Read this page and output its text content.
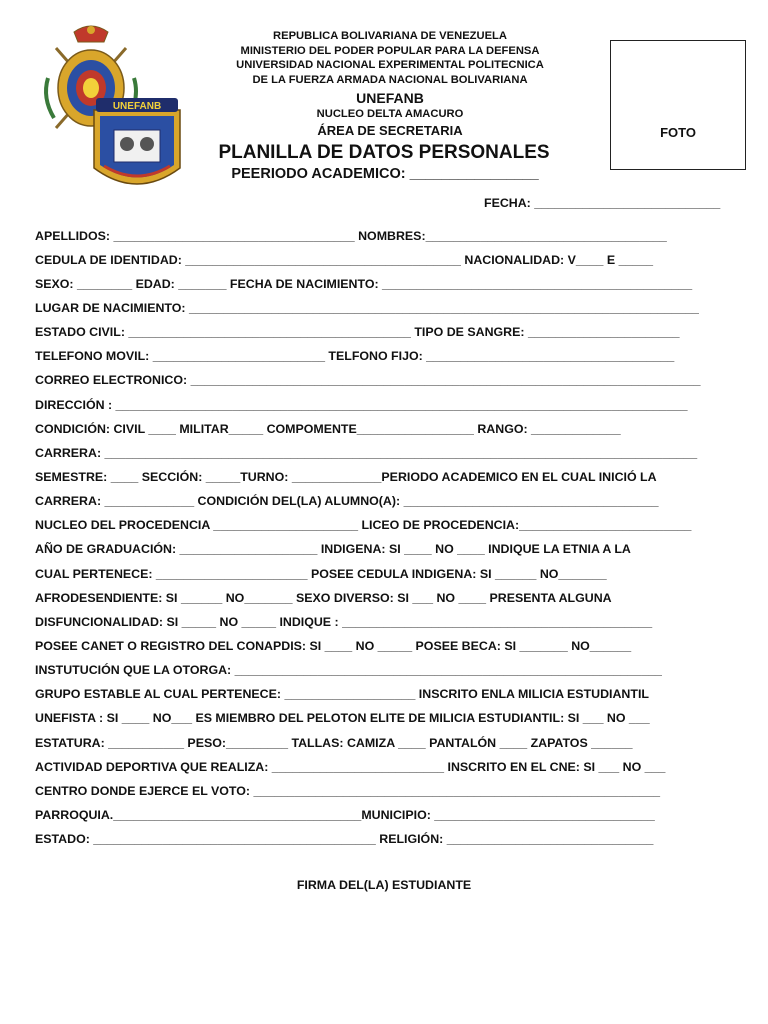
UNEFANB
REPUBLICA BOLIVARIANA DE VENEZUELA
MINISTERIO DEL PODER POPULAR PARA LA DEFENSA
UNIVERSIDAD NACIONAL EXPERIMENTAL POLITECNICA
DE LA FUERZA ARMADA NACIONAL BOLIVARIANA
UNEFANB
NUCLEO DELTA AMACURO
ÁREA DE SECRETARIA
PLANILLA DE DATOS PERSONALES
PEERIODO ACADEMICO: ________________
FOTO
FECHA: ___________________________
APELLIDOS: ___________________________________ NOMBRES:___________________________________
CEDULA DE IDENTIDAD: ________________________________________ NACIONALIDAD: V____ E _____
SEXO: ________ EDAD: _______ FECHA DE NACIMIENTO: _____________________________________________
LUGAR DE NACIMIENTO: __________________________________________________________________________
ESTADO CIVIL: _________________________________________ TIPO DE SANGRE: ______________________
TELEFONO MOVIL: _________________________ TELFONO FIJO: ____________________________________
CORREO ELECTRONICO: __________________________________________________________________________
DIRECCIÓN : ___________________________________________________________________________________
CONDICIÓN: CIVIL ____ MILITAR_____ COMPOMENTE_________________ RANGO: _____________
CARRERA: ______________________________________________________________________________________
SEMESTRE: ____ SECCIÓN: _____TURNO: _____________PERIODO ACADEMICO EN EL CUAL INICIÓ LA
CARRERA: _____________ CONDICIÓN DEL(LA) ALUMNO(A): _____________________________________
NUCLEO DEL PROCEDENCIA _____________________ LICEO DE PROCEDENCIA:_________________________
AÑO DE GRADUACIÓN: ____________________ INDIGENA: SI ____ NO ____ INDIQUE LA ETNIA A LA
CUAL PERTENECE: ______________________ POSEE CEDULA INDIGENA: SI ______ NO_______
AFRODESENDIENTE: SI ______ NO_______ SEXO DIVERSO: SI ___ NO ____ PRESENTA ALGUNA
DISFUNCIONALIDAD: SI _____ NO _____ INDIQUE : _____________________________________________
POSEE CANET O REGISTRO DEL CONAPDIS: SI ____ NO _____ POSEE BECA: SI _______ NO______
INSTUTUCIÓN QUE LA OTORGA: ______________________________________________________________
GRUPO ESTABLE AL CUAL PERTENECE: ___________________ INSCRITO ENLA MILICIA ESTUDIANTIL
UNEFISTA : SI ____ NO___ ES MIEMBRO DEL PELOTON ELITE DE MILICIA ESTUDIANTIL: SI ___ NO ___
ESTATURA: ___________ PESO:_________ TALLAS: CAMIZA ____ PANTALÓN ____ ZAPATOS ______
ACTIVIDAD DEPORTIVA QUE REALIZA: _________________________ INSCRITO EN EL CNE: SI ___ NO ___
CENTRO DONDE EJERCE EL VOTO: ___________________________________________________________
PARROQUIA.____________________________________MUNICIPIO: ________________________________
ESTADO: _________________________________________ RELIGIÓN: ______________________________
FIRMA DEL(LA) ESTUDIANTE
